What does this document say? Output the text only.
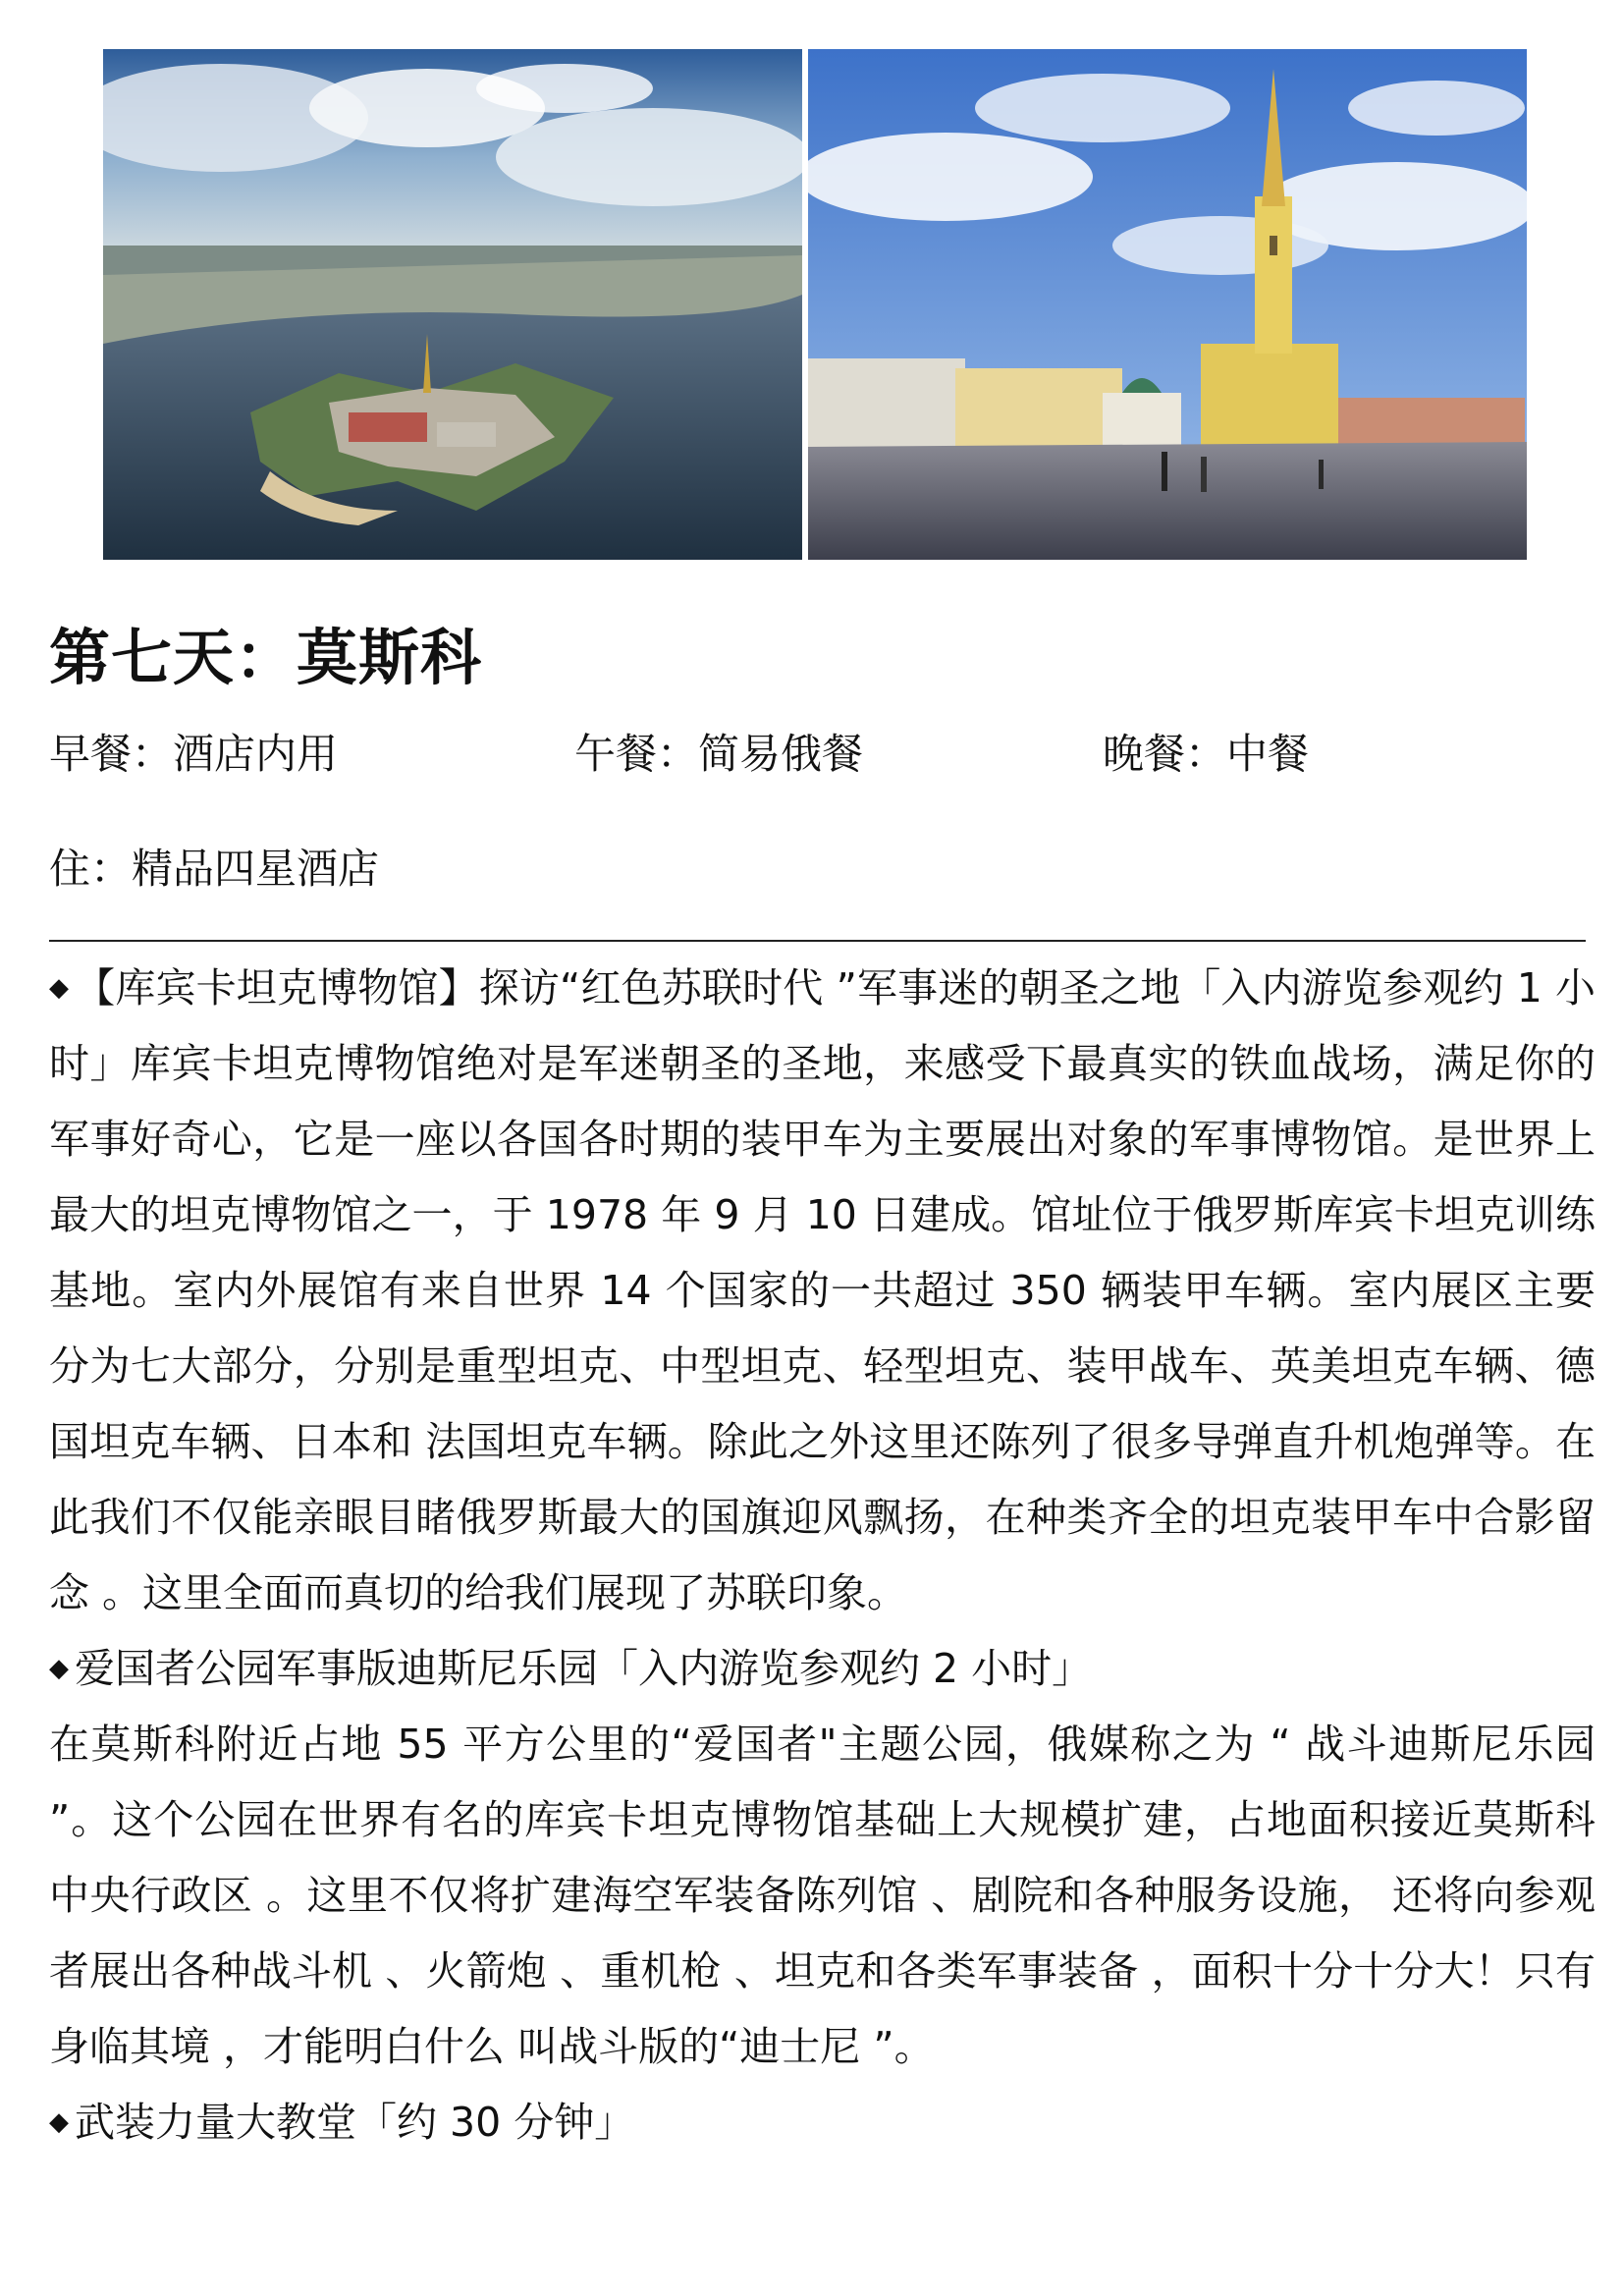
第七天：莫斯科
早餐：酒店内用	午餐：简易俄餐	晚餐：中餐
住：精品四星酒店

◆ 【库宾卡坦克博物馆】探访“红色苏联时代 ”军事迷的朝圣之地「入内游览参观约 1 小时」库宾卡坦克博物馆绝对是军迷朝圣的圣地，来感受下最真实的铁血战场，满足你的军事好奇心，它是一座以各国各时期的装甲车为主要展出对象的军事博物馆。是世界上最大的坦克博物馆之一，于 1978 年 9 月 10 日建成。馆址位于俄罗斯库宾卡坦克训练基地。室内外展馆有来自世界 14 个国家的一共超过 350 辆装甲车辆。室内展区主要分为七大部分，分别是重型坦克、中型坦克、轻型坦克、装甲战车、英美坦克车辆、德国坦克车辆、日本和 法国坦克车辆。除此之外这里还陈列了很多导弹直升机炮弹等。在此我们不仅能亲眼目睹俄罗斯最大的国旗迎风飘扬，在种类齐全的坦克装甲车中合影留念 。这里全面而真切的给我们展现了苏联印象。

◆ 爱国者公园军事版迪斯尼乐园「入内游览参观约 2 小时」

在莫斯科附近占地 55 平方公里的“爱国者"主题公园，俄媒称之为 “ 战斗迪斯尼乐园 ”。这个公园在世界有名的库宾卡坦克博物馆基础上大规模扩建，占地面积接近莫斯科中央行政区 。这里不仅将扩建海空军装备陈列馆 、剧院和各种服务设施， 还将向参观者展出各种战斗机 、火箭炮 、重机枪 、坦克和各类军事装备 ，面积十分十分大！只有身临其境 ，才能明白什么 叫战斗版的“迪士尼 ”。

◆ 武装力量大教堂「约 30 分钟」
